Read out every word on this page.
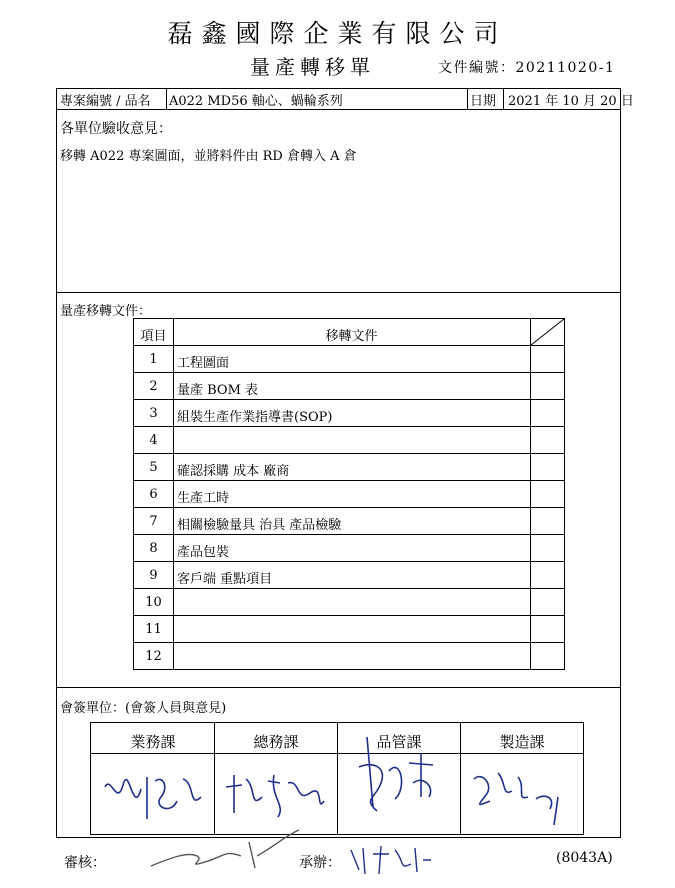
磊鑫國際企業有限公司
量產轉移單	文件編號：20211020-1
專案編號 / 品名 A022 MD56 軸心、蝸輪系列	日期 2021 年 10 月 20 日
各單位驗收意見：
移轉 A022 專案圖面，並將料件由 RD 倉轉入 A 倉
量產移轉文件：
項目	移轉文件
1	工程圖面
2	量產 BOM 表
3	組裝生產作業指導書(SOP)
4
5	確認採購 成本 廠商
6	生產工時
7	相關檢驗量具 治具 產品檢驗
8	產品包裝
9	客戶端 重點項目
10
11
12
會簽單位：(會簽人員與意見)
業務課	總務課	品管課	製造課
審核：	承辦：	(8043A)
